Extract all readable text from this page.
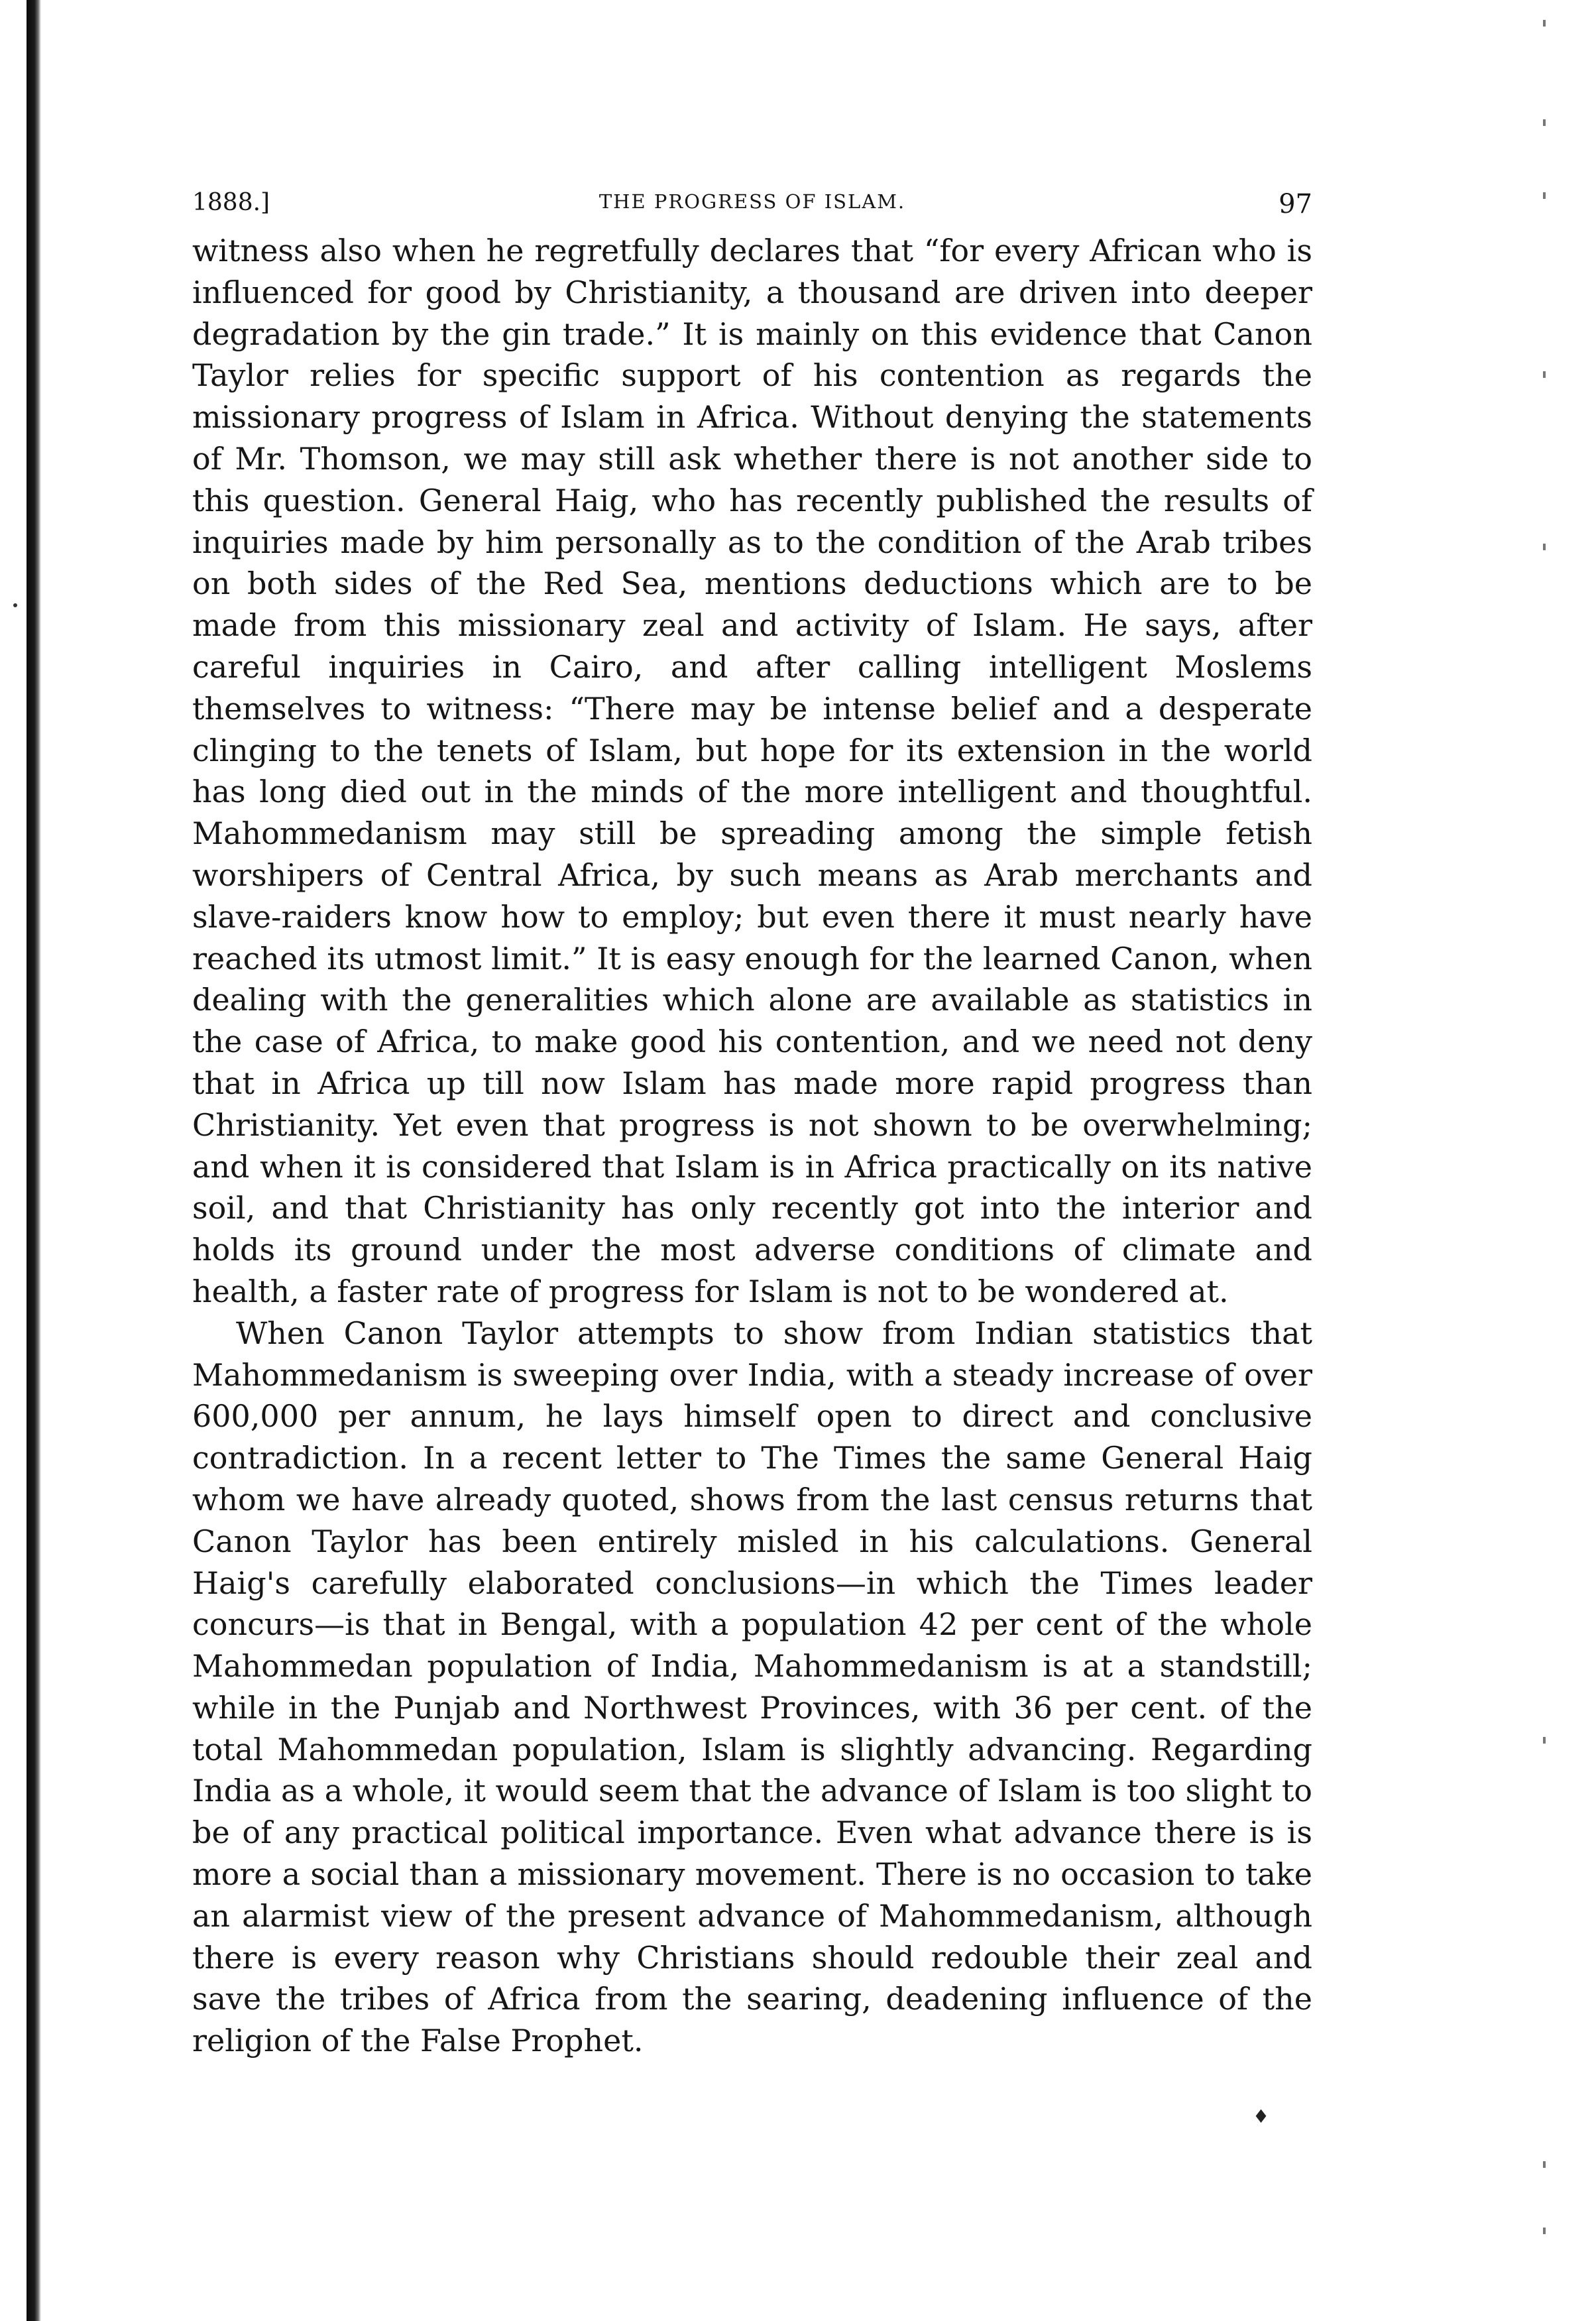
1888.]	THE PROGRESS OF ISLAM.	97

witness also when he regretfully declares that “for every African who is influenced for good by Christianity, a thousand are driven into deeper degradation by the gin trade.” It is mainly on this evidence that Canon Taylor relies for specific support of his contention as regards the missionary progress of Islam in Africa. Without denying the statements of Mr. Thomson, we may still ask whether there is not another side to this question. General Haig, who has recently published the results of inquiries made by him personally as to the condition of the Arab tribes on both sides of the Red Sea, mentions deductions which are to be made from this missionary zeal and activity of Islam. He says, after careful inquiries in Cairo, and after calling intelligent Moslems themselves to witness: “There may be intense belief and a desperate clinging to the tenets of Islam, but hope for its extension in the world has long died out in the minds of the more intelligent and thoughtful. Mahommedanism may still be spreading among the simple fetish worshipers of Central Africa, by such means as Arab merchants and slave-raiders know how to employ; but even there it must nearly have reached its utmost limit.” It is easy enough for the learned Canon, when dealing with the generalities which alone are available as statistics in the case of Africa, to make good his contention, and we need not deny that in Africa up till now Islam has made more rapid progress than Christianity. Yet even that progress is not shown to be overwhelming; and when it is considered that Islam is in Africa practically on its native soil, and that Christianity has only recently got into the interior and holds its ground under the most adverse conditions of climate and health, a faster rate of progress for Islam is not to be wondered at.

When Canon Taylor attempts to show from Indian statistics that Mahommedanism is sweeping over India, with a steady increase of over 600,000 per annum, he lays himself open to direct and conclusive contradiction. In a recent letter to The Times the same General Haig whom we have already quoted, shows from the last census returns that Canon Taylor has been entirely misled in his calculations. General Haig's carefully elaborated conclusions—in which the Times leader concurs—is that in Bengal, with a population 42 per cent of the whole Mahommedan population of India, Mahommedanism is at a standstill; while in the Punjab and Northwest Provinces, with 36 per cent. of the total Mahommedan population, Islam is slightly advancing. Regarding India as a whole, it would seem that the advance of Islam is too slight to be of any practical political importance. Even what advance there is is more a social than a missionary movement. There is no occasion to take an alarmist view of the present advance of Mahommedanism, although there is every reason why Christians should redouble their zeal and save the tribes of Africa from the searing, deadening influence of the religion of the False Prophet.

♦
